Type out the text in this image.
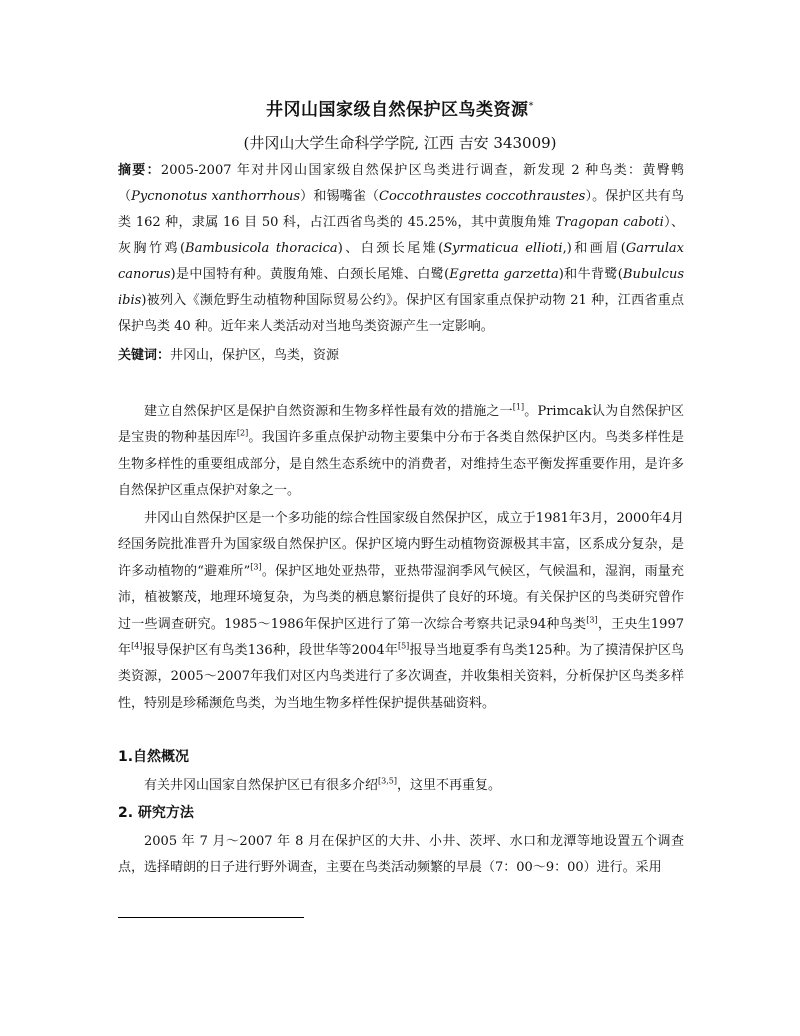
井冈山国家级自然保护区鸟类资源*
(井冈山大学生命科学学院, 江西 吉安 343009)
摘要：2005-2007 年对井冈山国家级自然保护区鸟类进行调查，新发现 2 种鸟类：黄臀鹎（Pycnonotus xanthorrhous）和锡嘴雀（Coccothraustes coccothraustes）。保护区共有鸟类 162 种，隶属 16 目 50 科，占江西省鸟类的 45.25%，其中黄腹角雉 Tragopan caboti）、灰胸竹鸡(Bambusicola thoracica)、白颈长尾雉(Syrmaticua ellioti,)和画眉(Garrulax canorus)是中国特有种。黄腹角雉、白颈长尾雉、白鹭(Egretta garzetta)和牛背鹭(Bubulcus ibis)被列入《濒危野生动植物种国际贸易公约》。保护区有国家重点保护动物 21 种，江西省重点保护鸟类 40 种。近年来人类活动对当地鸟类资源产生一定影响。
关键词：井冈山，保护区，鸟类，资源

建立自然保护区是保护自然资源和生物多样性最有效的措施之一[1]。Primcak认为自然保护区是宝贵的物种基因库[2]。我国许多重点保护动物主要集中分布于各类自然保护区内。鸟类多样性是生物多样性的重要组成部分，是自然生态系统中的消费者，对维持生态平衡发挥重要作用，是许多自然保护区重点保护对象之一。

井冈山自然保护区是一个多功能的综合性国家级自然保护区，成立于1981年3月，2000年4月经国务院批准晋升为国家级自然保护区。保护区境内野生动植物资源极其丰富，区系成分复杂，是许多动植物的“避难所”[3]。保护区地处亚热带，亚热带湿润季风气候区，气候温和，湿润，雨量充沛，植被繁茂，地理环境复杂，为鸟类的栖息繁衍提供了良好的环境。有关保护区的鸟类研究曾作过一些调查研究。1985～1986年保护区进行了第一次综合考察共记录94种鸟类[3]，王央生1997年[4]报导保护区有鸟类136种，段世华等2004年[5]报导当地夏季有鸟类125种。为了摸清保护区鸟类资源，2005～2007年我们对区内鸟类进行了多次调查，并收集相关资料，分析保护区鸟类多样性，特别是珍稀濒危鸟类，为当地生物多样性保护提供基础资料。

1.自然概况

有关井冈山国家自然保护区已有很多介绍[3,5]，这里不再重复。

2. 研究方法

2005 年 7 月～2007 年 8 月在保护区的大井、小井、茨坪、水口和龙潭等地设置五个调查点，选择晴朗的日子进行野外调查，主要在鸟类活动频繁的早晨（7：00～9：00）进行。采用
